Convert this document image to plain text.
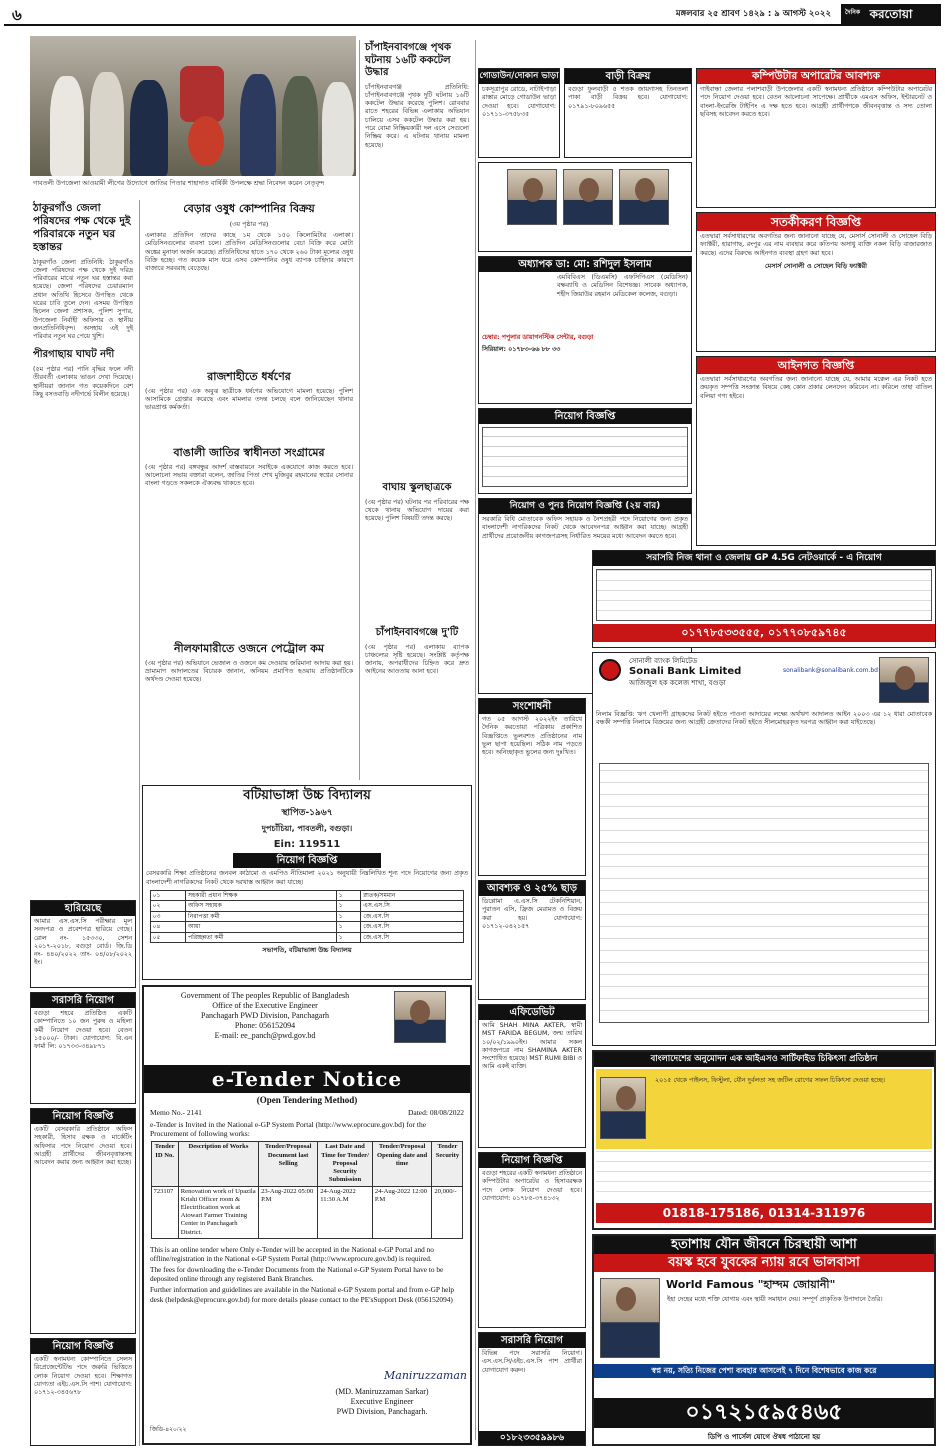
৬	মঙ্গলবার ২৫ শ্রাবণ ১৪২৯ : ৯ আগস্ট ২০২২ দৈনিক করতোয়া
গাবতলী উপজেলা আওয়ামী লীগের উদ্যোগে জাতির পিতার শাহাদাত বার্ষিকী উপলক্ষে শ্রদ্ধা নিবেদন করেন নেতৃবৃন্দ
ঠাকুরগাঁও জেলা পরিষদের পক্ষ থেকে দুই পরিবারকে নতুন ঘর হস্তান্তর
ঠাকুরগাঁও জেলা প্রতিনিধি: ঠাকুরগাঁও জেলা পরিষদের পক্ষ থেকে দুই দরিদ্র পরিবারের মাঝে নতুন ঘর হস্তান্তর করা হয়েছে। জেলা পরিষদের চেয়ারম্যান প্রধান অতিথি হিসেবে উপস্থিত থেকে ঘরের চাবি তুলে দেন। এসময় উপস্থিত ছিলেন জেলা প্রশাসক, পুলিশ সুপার, উপজেলা নির্বাহী অফিসার ও স্থানীয় জনপ্রতিনিধিবৃন্দ। অসহায় এই দুই পরিবার নতুন ঘর পেয়ে খুশি।
পীরগাছায় ঘাঘট নদী
(৫ম পৃষ্ঠার পর) পানি বৃদ্ধির ফলে নদী তীরবর্তী এলাকায় ভাঙন দেখা দিয়েছে। স্থানীয়রা জানান গত কয়েকদিনে বেশ কিছু বসতবাড়ি নদীগর্ভে বিলীন হয়েছে।
হারিয়েছে
আমার এস.এস.সি পরীক্ষার মূল সনদপত্র ও প্রবেশপত্র হারিয়ে গেছে। রোল নং- ১৫৩৩০, সেশন ২০১৭-২০১৮, বগুড়া বোর্ড। জি.ডি নং- ৪৪০/২০২২ তাং- ০৪/০৮/২০২২ ইং।
সরাসরি নিয়োগ
বগুড়া শহরে প্রতিষ্ঠিত একটি কোম্পানিতে ১০ জন পুরুষ ও মহিলা কর্মী নিয়োগ দেওয়া হবে। বেতন ১৫০০০/- টাকা। যোগাযোগ: বি.এন ফার্মা লি: ০১৭৩৩-৩৪৯৮৭১
নিয়োগ বিজ্ঞপ্তি
একটি বেসরকারি প্রতিষ্ঠানে অফিস সহকারী, হিসাব রক্ষক ও মার্কেটিং অফিসার পদে নিয়োগ দেওয়া হবে। আগ্রহী প্রার্থীদের জীবনবৃত্তান্তসহ আবেদন করার জন্য আহ্বান করা হচ্ছে।
নিয়োগ বিজ্ঞপ্তি
একটি স্বনামধন্য কোম্পানিতে সেলস রিপ্রেজেন্টেটিভ পদে জরুরি ভিত্তিতে লোক নিয়োগ দেওয়া হবে। শিক্ষাগত যোগ্যতা এইচ.এস.সি পাশ। যোগাযোগ: ০১৭১২-৩৪৫৬৭৮
বেড়ার ওষুধ কোম্পানির বিক্রয়
(৩য় পৃষ্ঠার পর)
এলাকার প্রতিদিন তাদের কাছে ১ম থেকে ১৫০ কিলোমিটার এলাকা। মেডিসিনগুলোর ব্যবসা চলে। প্রতিদিন মেডিসিনগুলোর বেচা বিক্রি করে মোটা অঙ্কের মুনাফা অর্জন করেছে। প্রতিনিধিদের হাতে ১৭০ থেকে ২৬০ টাকা মূল্যের ওষুধ বিক্রি হচ্ছে। গত কয়েক মাস ধরে এসব কোম্পানির ওষুধ ব্যাপক চাহিদার কারণে বাজারে সরবরাহ বেড়েছে।
রাজশাহীতে ধর্ষণের
(৩য় পৃষ্ঠার পর) এক অবুঝ ছাত্রীকে ধর্ষণের অভিযোগে মামলা হয়েছে। পুলিশ আসামিকে গ্রেপ্তার করেছে এবং মামলার তদন্ত চলছে বলে জানিয়েছেন থানার ভারপ্রাপ্ত কর্মকর্তা।
বাঙালী জাতির স্বাধীনতা সংগ্রামের
(৩য় পৃষ্ঠার পর) বঙ্গবন্ধুর আদর্শ বাস্তবায়নে সবাইকে একযোগে কাজ করতে হবে। আলোচনা সভায় বক্তারা বলেন, জাতির পিতা শেখ মুজিবুর রহমানের স্বপ্নের সোনার বাংলা গড়তে সকলকে ঐক্যবদ্ধ থাকতে হবে।
নীলফামারীতে ওজনে পেট্রোল কম
(৩য় পৃষ্ঠার পর) অভিযানে ভেজাল ও ওজনে কম দেওয়ায় জরিমানা আদায় করা হয়। ভ্রাম্যমাণ আদালতের বিচারক জানান, অনিয়ম প্রমাণিত হওয়ায় প্রতিষ্ঠানটিকে অর্থদণ্ড দেওয়া হয়েছে।
বটিয়াভাঙ্গা উচ্চ বিদ্যালয়
স্থাপিত-১৯৬৭
দুপচাঁচিয়া, পাবতলী, বগুড়া।
Ein: 119511
নিয়োগ বিজ্ঞপ্তি
বেসরকারি শিক্ষা প্রতিষ্ঠানের জনবল কাঠামো ও এমপিও নীতিমালা ২০২১ অনুযায়ী নিম্নলিখিত শূন্য পদে নিয়োগের জন্য প্রকৃত বাংলাদেশী নাগরিকদের নিকট থেকে দরখাস্ত আহ্বান করা যাচ্ছে।
০১	সহকারী প্রধান শিক্ষক	১	স্নাতক/সমমান
০২	অফিস সহায়ক	১	এস.এস.সি
০৩	নিরাপত্তা কর্মী	১	জে.এস.সি
০৪	আয়া	১	জে.এস.সি
০৫	পরিচ্ছন্নতা কর্মী	১	জে.এস.সি
সভাপতি, বটিয়াভাঙ্গা উচ্চ বিদ্যালয়
Government of The peoples Republic of Bangladesh
Office of the Executive Engineer
Panchagarh PWD Division, Panchagarh
Phone: 056152094
E-mail: ee_panch@pwd.gov.bd
e-Tender Notice
(Open Tendering Method)
Memo No.- 2141	Dated: 08/08/2022
e-Tender is Invited in the National e-GP System Portal (http://www.eprocure.gov.bd) for the Procurement of following works:
Tender ID No.	Description of Works	Tender/Proposal Document last Selling	Last Date and Time for Tender/ Proposal Security Submission	Tender/Proposal Opening date and time	Tender Security
723107	Renovation work of Upazila Krishi Officer room & Electrification work at Atowari Farmer Training Center in Panchagarh District.	23-Aug-2022 05:00 P.M	24-Aug-2022 11:30 A.M	24-Aug-2022 12:00 P.M	20,000/-
This is an online tender where Only e-Tender will be accepted in the National e-GP Portal and no offline/registration in the National e-GP System Portal (http://www.eprocure.gov.bd) is required.
The fees for downloading the e-Tender Documents from the National e-GP System Portal have to be deposited online through any registered Bank Branches.
Further information and guidelines are available in the National e-GP System portal and from e-GP help desk (helpdesk@eprocure.gov.bd) for more details please contact to the PE'sSupport Desk (056152094)
Maniruzzaman
(MD. Maniruzzaman Sarkar)
Executive Engineer
PWD Division, Panchagarh.
জিডি-৪২০/২২
চাঁপাইনবাবগঞ্জে পৃথক ঘটনায় ১৬টি ককটেল উদ্ধার
চাঁপাইনবাবগঞ্জ প্রতিনিধি: চাঁপাইনবাবগঞ্জে পৃথক দুটি ঘটনায় ১৬টি ককটেল উদ্ধার করেছে পুলিশ। রোববার রাতে শহরের বিভিন্ন এলাকায় অভিযান চালিয়ে এসব ককটেল উদ্ধার করা হয়। পরে বোমা নিষ্ক্রিয়কারী দল এসে সেগুলো নিষ্ক্রিয় করে। এ ঘটনায় থানায় মামলা হয়েছে।
বাঘায় স্কুলছাত্রকে
(৩য় পৃষ্ঠার পর) ঘটনার পর পরিবারের পক্ষ থেকে থানায় অভিযোগ দায়ের করা হয়েছে। পুলিশ বিষয়টি তদন্ত করছে।
চাঁপাইনবাবগঞ্জে দু'টি
(৩য় পৃষ্ঠার পর) এলাকায় ব্যাপক চাঞ্চল্যের সৃষ্টি হয়েছে। সংশ্লিষ্ট কর্তৃপক্ষ জানায়, অপরাধীদের চিহ্নিত করে দ্রুত আইনের আওতায় আনা হবে।
গোডাউন/দোকান ভাড়া
চকসূত্রাপুর রোডে, নাটাইপাড়া রাস্তার মোড়ে গোডাউন ভাড়া দেওয়া হবে। যোগাযোগ: ০১৭১১-৩৭৫৮৩৫
বাড়ী বিক্রয়
বগুড়া ফুলবাড়ী ৫ শতক জায়গাসহ তিনতলা পাকা বাড়ী বিক্রয় হবে। যোগাযোগ: ০১৭৯১-৮০৯৬৫৫
অধ্যাপক ডা: মো: রশিদুল ইসলাম
এমবিবিএস (ডিএমসি) এফসিপিএস (মেডিসিন) বক্ষব্যাধি ও মেডিসিন বিশেষজ্ঞ। সাবেক অধ্যাপক, শহীদ জিয়াউর রহমান মেডিকেল কলেজ, বগুড়া।
চেম্বার: পপুলার ডায়াগনস্টিক সেন্টার, বগুড়া
সিরিয়াল: ০১৭৮৩-৬৬ ৮৮ ৩৩
নিয়োগ বিজ্ঞপ্তি
নিয়োগ ও পুনঃ নিয়োগ বিজ্ঞপ্তি (২য় বার)
সরকারি বিধি মোতাবেক অফিস সহায়ক ও নৈশপ্রহরী পদে নিয়োগের জন্য প্রকৃত বাংলাদেশী নাগরিকদের নিকট থেকে আবেদনপত্র আহ্বান করা যাচ্ছে। আগ্রহী প্রার্থীদের প্রয়োজনীয় কাগজপত্রসহ নির্ধারিত সময়ের মধ্যে আবেদন করতে হবে।
সংশোধনী
গত ০৫ আগস্ট ২০২২ইং তারিখে দৈনিক করতোয়া পত্রিকায় প্রকাশিত বিজ্ঞপ্তিতে ভুলবশত প্রতিষ্ঠানের নাম ভুল ছাপা হয়েছিল। সঠিক নাম পড়তে হবে। অনিচ্ছাকৃত ভুলের জন্য দুঃখিত।
আবশ্যক ও ২৫% ছাড়
ডিপ্লোমা এ.এস.সি টেকনিশিয়ান, পুরাতন এসি, ফ্রিজ মেরামত ও বিক্রয় করা হয়। যোগাযোগ: ০১৭১২-০৪২১৫৭
এফিডেভিট
আমি SHAH MINA AKTER, স্বামী MST FARIDA BEGUM, জন্ম তারিখ ১০/০২/১৯৯০ইং। আমার সকল কাগজপত্রে নাম SHAMINA AKTER সংশোধিত হয়েছে। MST RUMI BIBI ও আমি একই ব্যক্তি।
নিয়োগ বিজ্ঞপ্তি
বগুড়া শহরের একটি স্বনামধন্য প্রতিষ্ঠানে কম্পিউটার অপারেটর ও হিসাবরক্ষক পদে লোক নিয়োগ দেওয়া হবে। যোগাযোগ: ০১৭৮৫-৩৭৪১৩২
সরাসরি নিয়োগ
বিভিন্ন পদে সরাসরি নিয়োগ। এস.এস.সি/এইচ.এস.সি পাশ প্রার্থীরা যোগাযোগ করুন।
০১৮২৩৩৫৯৯৮৬
কম্পিউটার অপারেটর আবশ্যক
গাইবান্ধা জেলার পলাশবাড়ী উপজেলার একটি স্বনামধন্য প্রতিষ্ঠানে কম্পিউটার অপারেটর পদে নিয়োগ দেওয়া হবে। বেতন আলোচনা সাপেক্ষে। প্রার্থীকে এমএস অফিস, ইন্টারনেট ও বাংলা-ইংরেজি টাইপিং এ দক্ষ হতে হবে। আগ্রহী প্রার্থীগণকে জীবনবৃত্তান্ত ও সদ্য তোলা ছবিসহ আবেদন করতে হবে।
সতর্কীকরণ বিজ্ঞপ্তি
এতদ্বারা সর্বসাধারণের অবগতির জন্য জানানো যাচ্ছে যে, মেসার্স সোনালী ও সোহেল বিড়ি ফ্যাক্টরী, হারাগাছ, রংপুর এর নাম ব্যবহার করে কতিপয় অসাধু ব্যক্তি নকল বিড়ি বাজারজাত করছে। এদের বিরুদ্ধে আইনগত ব্যবস্থা গ্রহণ করা হবে।
মেসার্স সোনালী ও সোহেল বিড়ি ফ্যাক্টরী
আইনগত বিজ্ঞপ্তি
এতদ্বারা সর্বসাধারণের অবগতির জন্য জানানো যাচ্ছে যে, আমার মক্কেল এর নিকট হতে ক্রয়কৃত সম্পত্তি সংক্রান্ত বিষয়ে কেহ কোন প্রকার লেনদেন করিবেন না। করিলে তাহা বাতিল বলিয়া গণ্য হইবে।
সরাসরি নিজ থানা ও জেলায় GP 4.5G নেটওয়ার্কে - এ নিয়োগ
০১৭৭৮৫৩৩৫৫৫, ০১৭৭০৮৫৯৭৪৫
সোনালী ব্যাংক লিমিটেড
Sonali Bank Limited
আজিজুল হক কলেজ শাখা, বগুড়া
sonalibank@sonalibank.com.bd
নিলাম বিজ্ঞপ্তি: ঋণ খেলাপী গ্রাহকদের নিকট হইতে পাওনা আদায়ের লক্ষ্যে অর্থঋণ আদালত আইন ২০০৩ এর ১২ ধারা মোতাবেক বন্ধকী সম্পত্তি নিলামে বিক্রয়ের জন্য আগ্রহী ক্রেতাদের নিকট হইতে সীলমোহরকৃত দরপত্র আহ্বান করা যাইতেছে।
বাংলাদেশের অনুমোদন এক আইএসও সার্টিফাইড চিকিৎসা প্রতিষ্ঠান
২০১৫ থেকে পাইলস, ফিস্টুলা, যৌন দুর্বলতা সহ জটিল রোগের সফল চিকিৎসা দেওয়া হচ্ছে।
01818-175186, 01314-311976
হতাশায় যৌন জীবনে চিরস্থায়ী আশা
বয়স্ক হবে যুবকের ন্যায় রবে ভালবাসা
World Famous "হাম্দম জোয়ানী"
ইহা দেহের মধ্যে শক্তি যোগায় এবং স্থায়ী সমাধান দেয়। সম্পূর্ণ প্রাকৃতিক উপাদানে তৈরি।
স্বপ্ন নয়, সত্যি নিজের পেশা ব্যবহার আসলেই ৭ দিনে বিশেষভাবে কাজ করে
০১৭২১৫৯৫৪৬৫
ডিপি ও পার্সেল যোগে ঔষধ পাঠানো হয়
